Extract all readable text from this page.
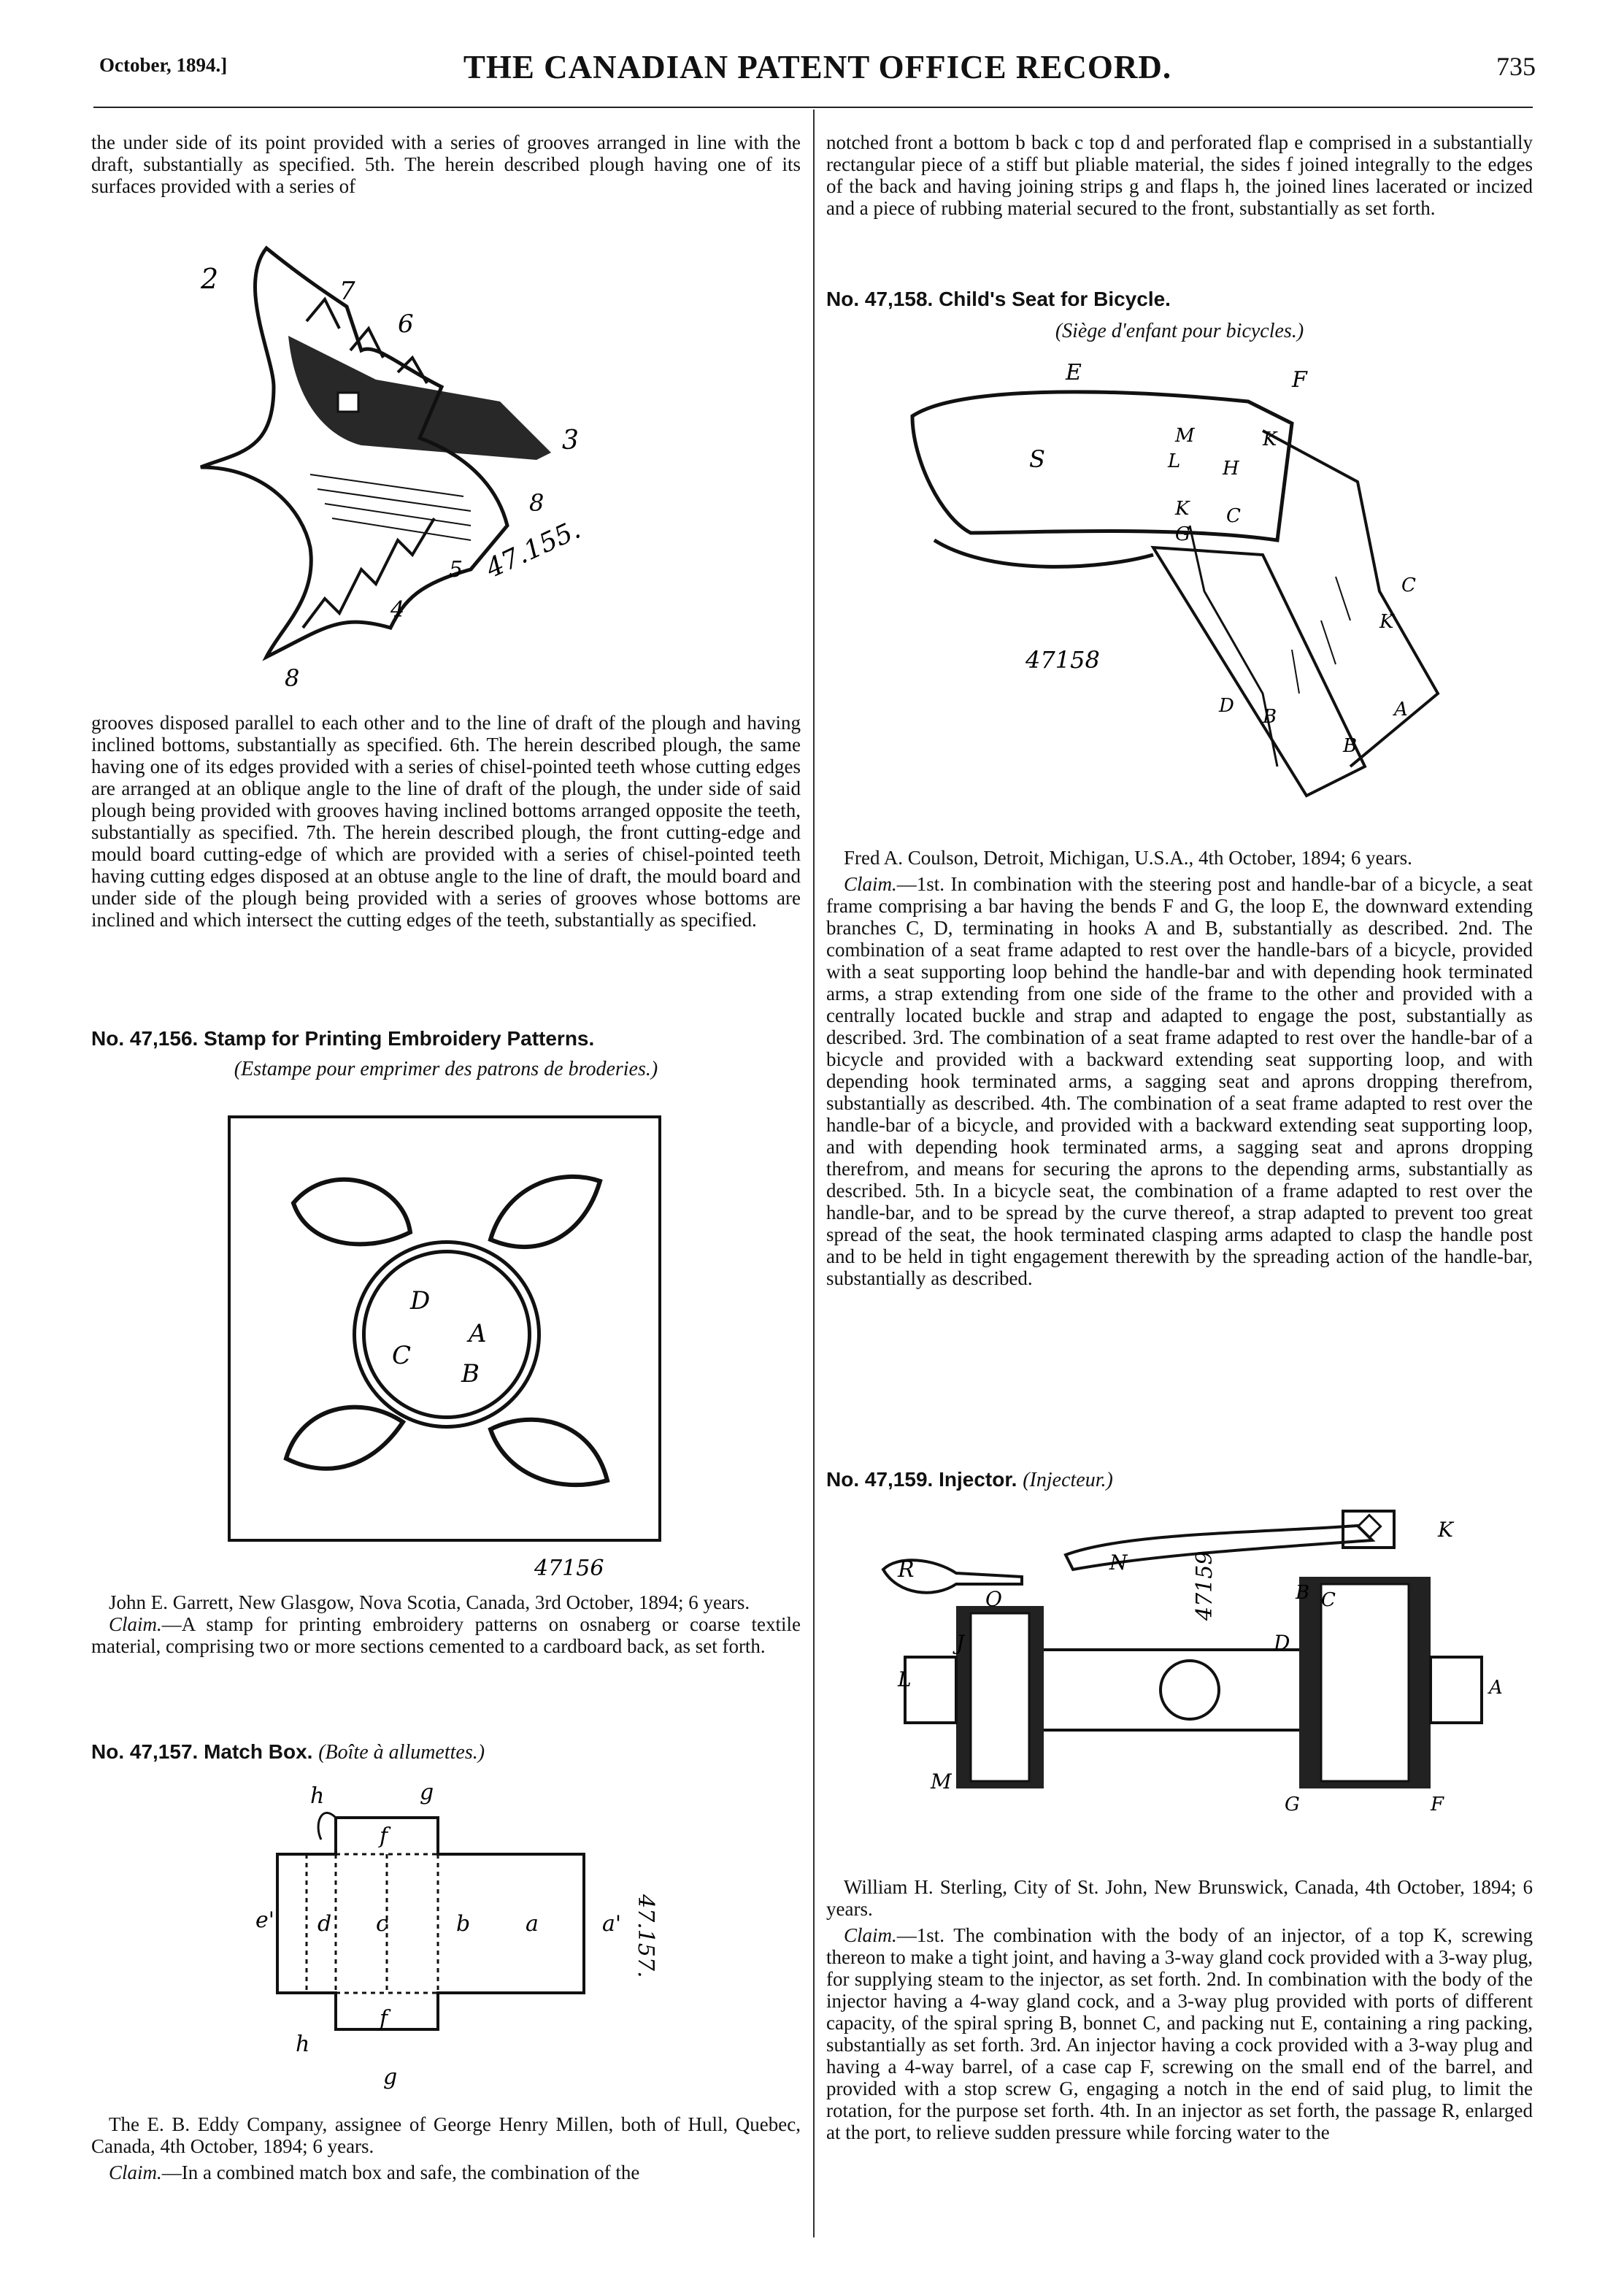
October, 1894.]	THE CANADIAN PATENT OFFICE RECORD.	735

the under side of its point provided with a series of grooves arranged in line with the draft, substantially as specified. 5th. The herein described plough having one of its surfaces provided with a series of

2	7
6
3
8
5
4
8
47.155.

grooves disposed parallel to each other and to the line of draft of the plough and having inclined bottoms, substantially as specified. 6th. The herein described plough, the same having one of its edges provided with a series of chisel-pointed teeth whose cutting edges are arranged at an oblique angle to the line of draft of the plough, the under side of said plough being provided with grooves having inclined bottoms arranged opposite the teeth, substantially as specified. 7th. The herein described plough, the front cutting-edge and mould board cutting-edge of which are provided with a series of chisel-pointed teeth having cutting edges disposed at an obtuse angle to the line of draft, the mould board and under side of the plough being provided with a series of grooves whose bottoms are inclined and which intersect the cutting edges of the teeth, substantially as specified.

No. 47,156. Stamp for Printing Embroidery Patterns.

(Estampe pour emprimer des patrons de broderies.)

D
A
C
B
47156

John E. Garrett, New Glasgow, Nova Scotia, Canada, 3rd October, 1894; 6 years.

Claim.—A stamp for printing embroidery patterns on osnaberg or coarse textile material, comprising two or more sections cemented to a cardboard back, as set forth.

No. 47,157. Match Box. (Boîte à allumettes.)

h	g
f
e' d c	b	a	a'
f
h
g
47.157.

The E. B. Eddy Company, assignee of George Henry Millen, both of Hull, Quebec, Canada, 4th October, 1894; 6 years.

Claim.—In a combined match box and safe, the combination of the

notched front a bottom b back c top d and perforated flap e comprised in a substantially rectangular piece of a stiff but pliable material, the sides f joined integrally to the edges of the back and having joining strips g and flaps h, the joined lines lacerated or incized and a piece of rubbing material secured to the front, substantially as set forth.

No. 47,158. Child's Seat for Bicycle.

(Siège d'enfant pour bicycles.)

E	F
M	K
L H
S
K
G
C
C
K
D B
B
A
47158

Fred A. Coulson, Detroit, Michigan, U.S.A., 4th October, 1894; 6 years.

Claim.—1st. In combination with the steering post and handle-bar of a bicycle, a seat frame comprising a bar having the bends F and G, the loop E, the downward extending branches C, D, terminating in hooks A and B, substantially as described. 2nd. The combination of a seat frame adapted to rest over the handle-bars of a bicycle, provided with a seat supporting loop behind the handle-bar and with depending hook terminated arms, a strap extending from one side of the frame to the other and provided with a centrally located buckle and strap and adapted to engage the post, substantially as described. 3rd. The combination of a seat frame adapted to rest over the handle-bar of a bicycle and provided with a backward extending seat supporting loop, and with depending hook terminated arms, a sagging seat and aprons dropping therefrom, substantially as described. 4th. The combination of a seat frame adapted to rest over the handle-bar of a bicycle, and provided with a backward extending seat supporting loop, and with depending hook terminated arms, a sagging seat and aprons dropping therefrom, and means for securing the aprons to the depending arms, substantially as described. 5th. In a bicycle seat, the combination of a frame adapted to rest over the handle-bar, and to be spread by the curve thereof, a strap adapted to prevent too great spread of the seat, the hook terminated clasping arms adapted to clasp the handle post and to be held in tight engagement therewith by the spreading action of the handle-bar, substantially as described.

No. 47,159. Injector. (Injecteur.)

R
O
J
L
M
N
K
D
C
B
G	F
A
47159

William H. Sterling, City of St. John, New Brunswick, Canada, 4th October, 1894; 6 years.

Claim.—1st. The combination with the body of an injector, of a top K, screwing thereon to make a tight joint, and having a 3-way gland cock provided with a 3-way plug, for supplying steam to the injector, as set forth. 2nd. In combination with the body of the injector having a 4-way gland cock, and a 3-way plug provided with ports of different capacity, of the spiral spring B, bonnet C, and packing nut E, containing a ring packing, substantially as set forth. 3rd. An injector having a cock provided with a 3-way plug and having a 4-way barrel, of a case cap F, screwing on the small end of the barrel, and provided with a stop screw G, engaging a notch in the end of said plug, to limit the rotation, for the purpose set forth. 4th. In an injector as set forth, the passage R, enlarged at the port, to relieve sudden pressure while forcing water to the
